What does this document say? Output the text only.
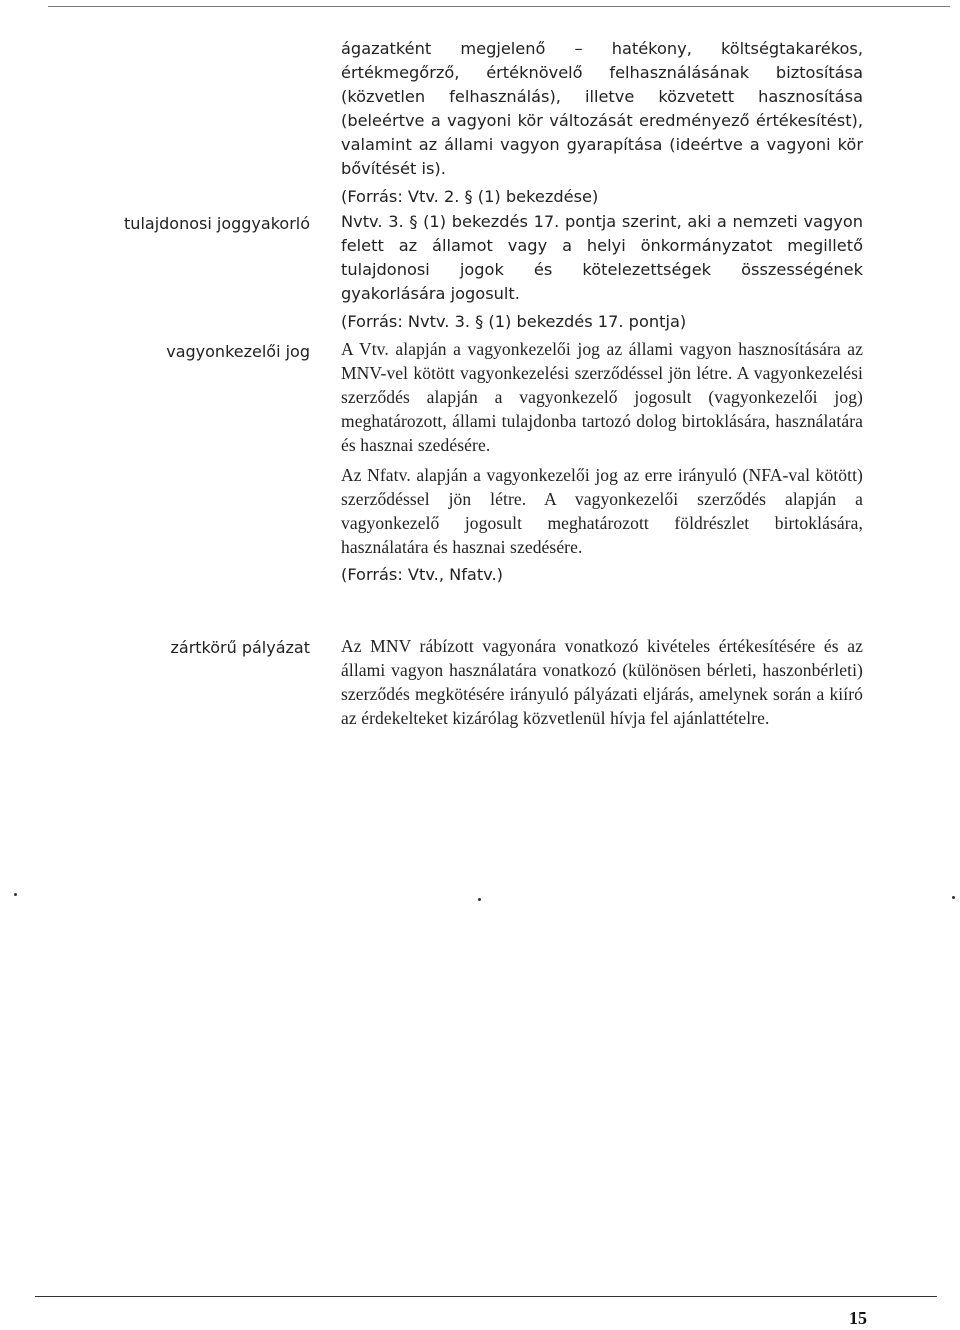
ágazatként megjelenő – hatékony, költségtakarékos, értékmegőrző, értéknövelő felhasználásának biztosítása (közvetlen felhasználás), illetve közvetett hasznosítása (beleértve a vagyoni kör változását eredményező értékesítést), valamint az állami vagyon gyarapítása (ideértve a vagyoni kör bővítését is).

(Forrás: Vtv. 2. § (1) bekezdése)

tulajdonosi joggyakorló Nvtv. 3. § (1) bekezdés 17. pontja szerint, aki a nemzeti vagyon felett az államot vagy a helyi önkormányzatot megillető tulajdonosi jogok és kötelezettségek összességének gyakorlására jogosult.

(Forrás: Nvtv. 3. § (1) bekezdés 17. pontja)

vagyonkezelői jog A Vtv. alapján a vagyonkezelői jog az állami vagyon hasznosítására az MNV-vel kötött vagyonkezelési szerződéssel jön létre. A vagyonkezelési szerződés alapján a vagyonkezelő jogosult (vagyonkezelői jog) meghatározott, állami tulajdonba tartozó dolog birtoklására, használatára és hasznai szedésére.

Az Nfatv. alapján a vagyonkezelői jog az erre irányuló (NFA-val kötött) szerződéssel jön létre. A vagyonkezelői szerződés alapján a vagyonkezelő jogosult meghatározott földrészlet birtoklására, használatára és hasznai szedésére.

(Forrás: Vtv., Nfatv.)

zártkörű pályázat Az MNV rábízott vagyonára vonatkozó kivételes értékesítésére és az állami vagyon használatára vonatkozó (különösen bérleti, haszonbérleti) szerződés megkötésére irányuló pályázati eljárás, amelynek során a kiíró az érdekelteket kizárólag közvetlenül hívja fel ajánlattételre.

15
